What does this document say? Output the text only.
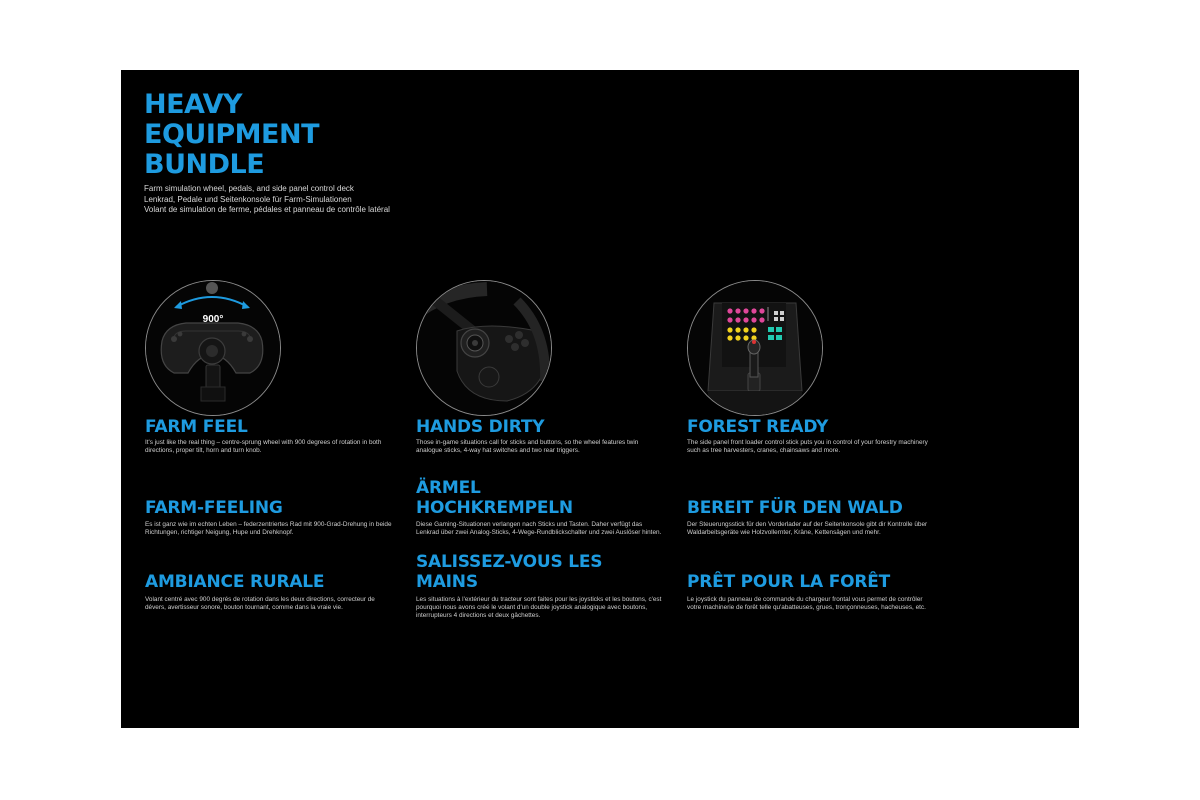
HEAVY
EQUIPMENT
BUNDLE
Farm simulation wheel, pedals, and side panel control deck
Lenkrad, Pedale und Seitenkonsole für Farm-Simulationen
Volant de simulation de ferme, pédales et panneau de contrôle latéral
900°
FARM FEEL
It's just like the real thing – centre-sprung wheel with 900 degrees of rotation in both directions, proper tilt, horn and turn knob.
FARM-FEELING
Es ist ganz wie im echten Leben – federzentriertes Rad mit 900-Grad-Drehung in beide Richtungen, richtiger Neigung, Hupe und Drehknopf.
AMBIANCE RURALE
Volant centré avec 900 degrés de rotation dans les deux directions, correcteur de dévers, avertisseur sonore, bouton tournant, comme dans la vraie vie.
HANDS DIRTY
Those in-game situations call for sticks and buttons, so the wheel features twin analogue sticks, 4-way hat switches and two rear triggers.
ÄRMEL
HOCHKREMPELN
Diese Gaming-Situationen verlangen nach Sticks und Tasten. Daher verfügt das Lenkrad über zwei Analog-Sticks, 4-Wege-Rundblickschalter und zwei Auslöser hinten.
SALISSEZ-VOUS LES
MAINS
Les situations à l'extérieur du tracteur sont faites pour les joysticks et les boutons, c'est pourquoi nous avons créé le volant d'un double joystick analogique avec boutons, interrupteurs 4 directions et deux gâchettes.
FOREST READY
The side panel front loader control stick puts you in control of your forestry machinery such as tree harvesters, cranes, chainsaws and more.
BEREIT FÜR DEN WALD
Der Steuerungsstick für den Vorderlader auf der Seitenkonsole gibt dir Kontrolle über Waldarbeitsgeräte wie Holzvollernter, Kräne, Kettensägen und mehr.
PRÊT POUR LA FORÊT
Le joystick du panneau de commande du chargeur frontal vous permet de contrôler votre machinerie de forêt telle qu'abatteuses, grues, tronçonneuses, hacheuses, etc.
